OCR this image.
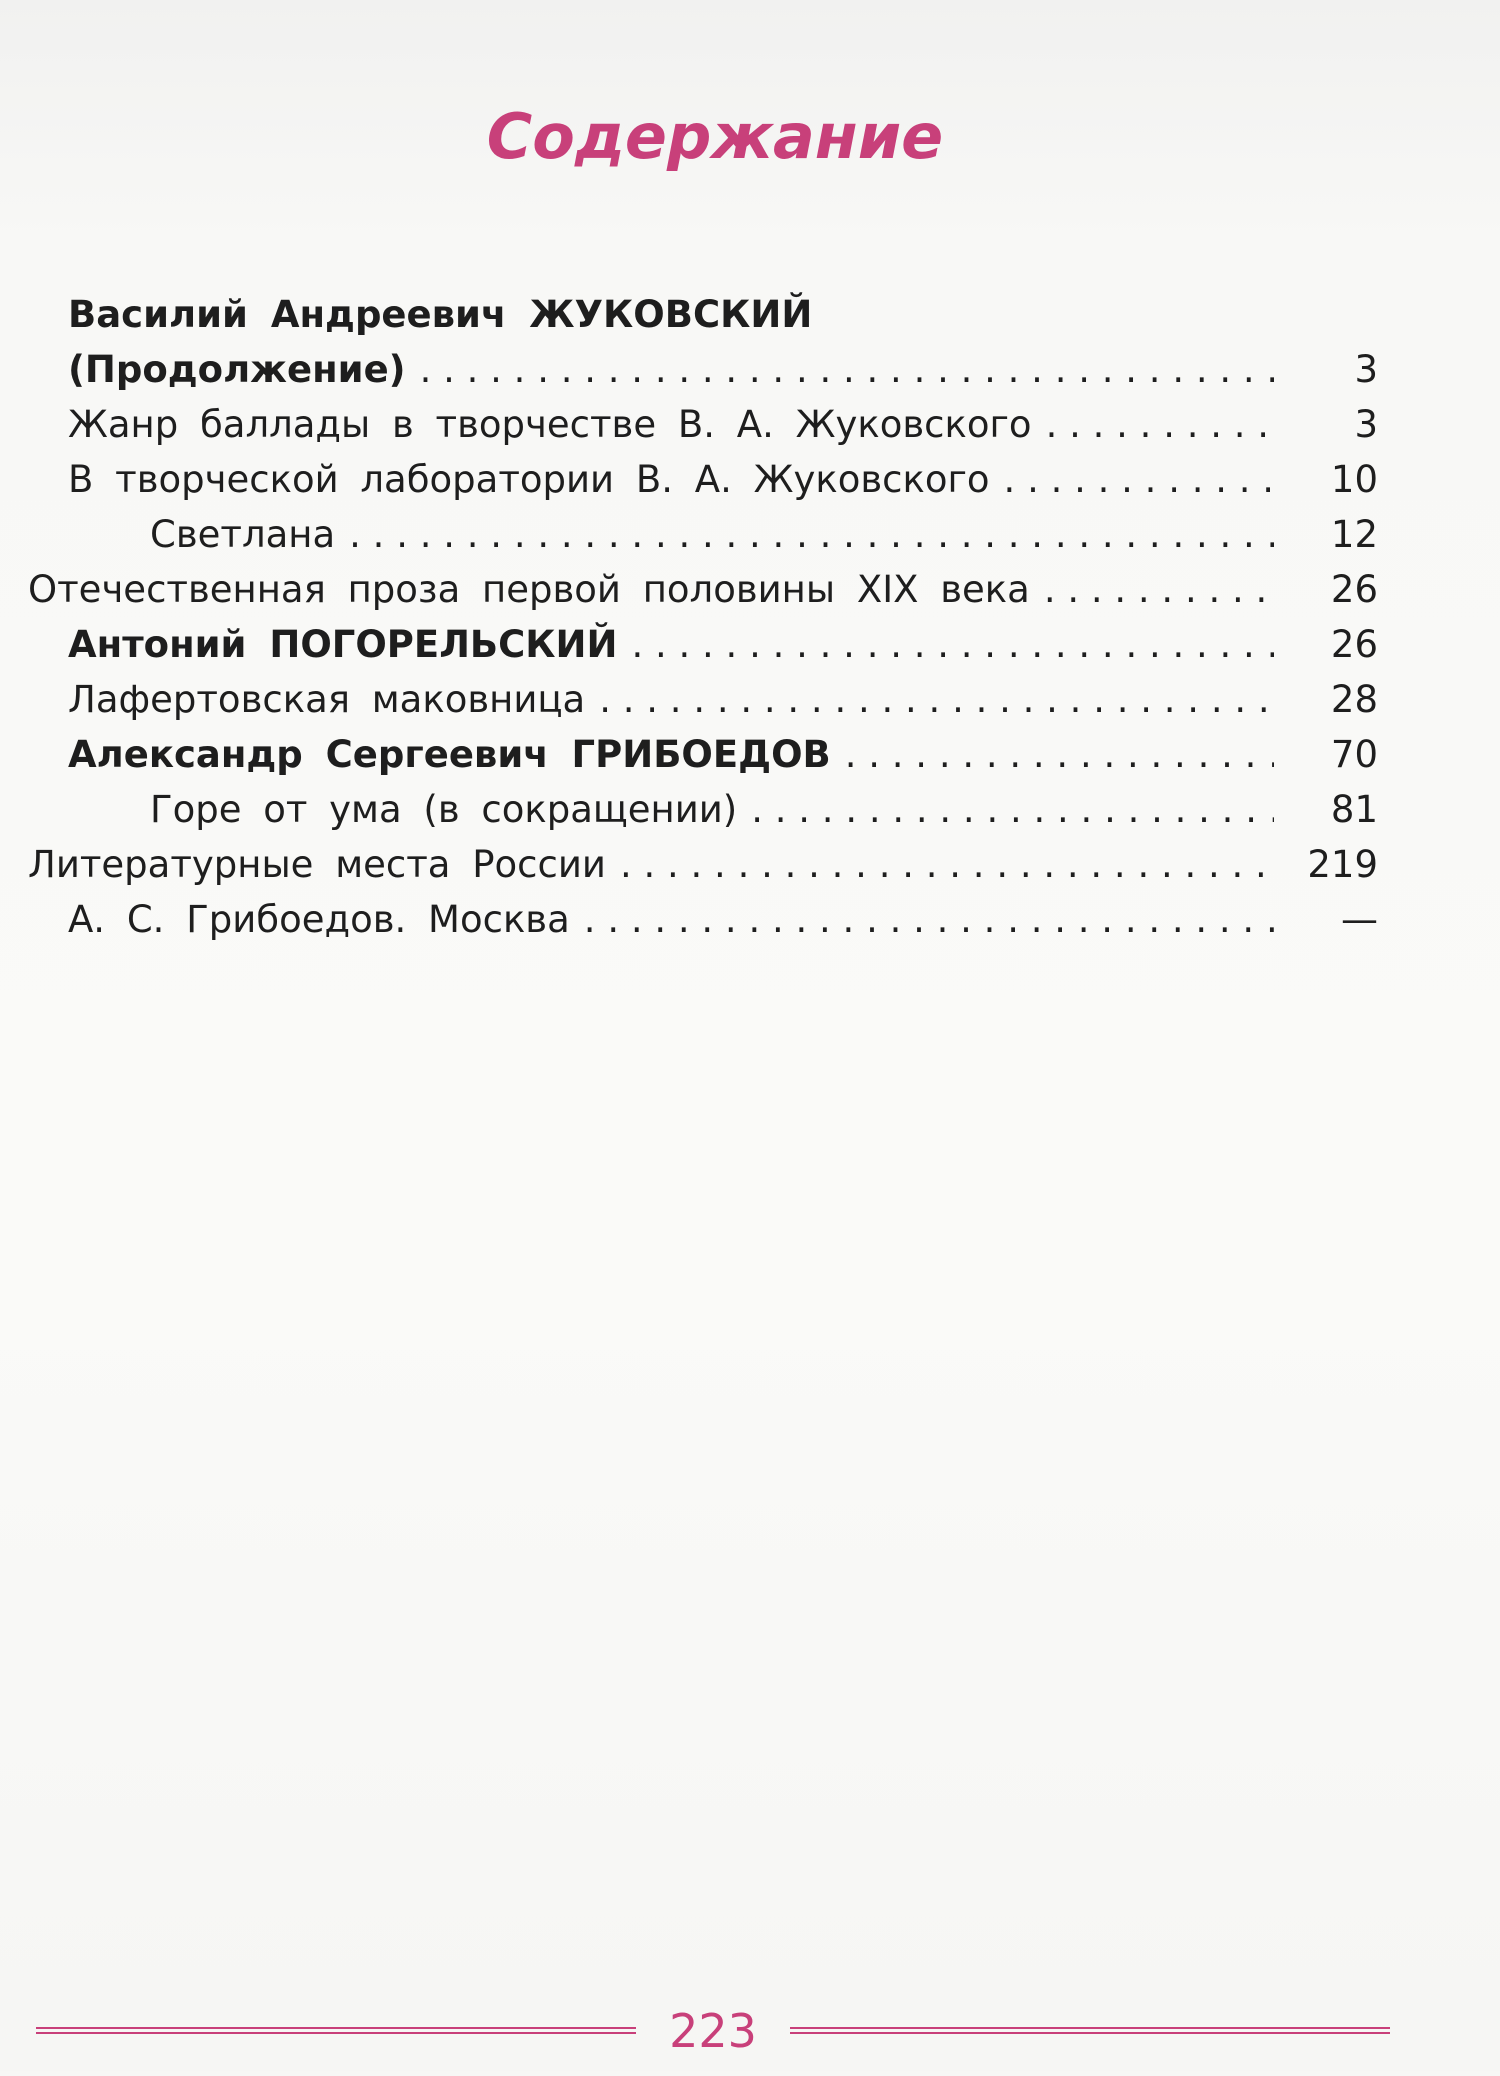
Содержание
Василий Андреевич ЖУКОВСКИЙ
(Продолжение) . . .	3
Жанр баллады в творчестве В. А. Жуковского . . .	3
В творческой лаборатории В. А. Жуковского . . .	10
Светлана . . .	12
Отечественная проза первой половины XIX века . . .	26
Антоний ПОГОРЕЛЬСКИЙ . . .	26
Лафертовская маковница . . .	28
Александр Сергеевич ГРИБОЕДОВ . . .	70
Горе от ума (в сокращении) . . .	81
Литературные места России . . .	219
А. С. Грибоедов. Москва . . .	—
223
